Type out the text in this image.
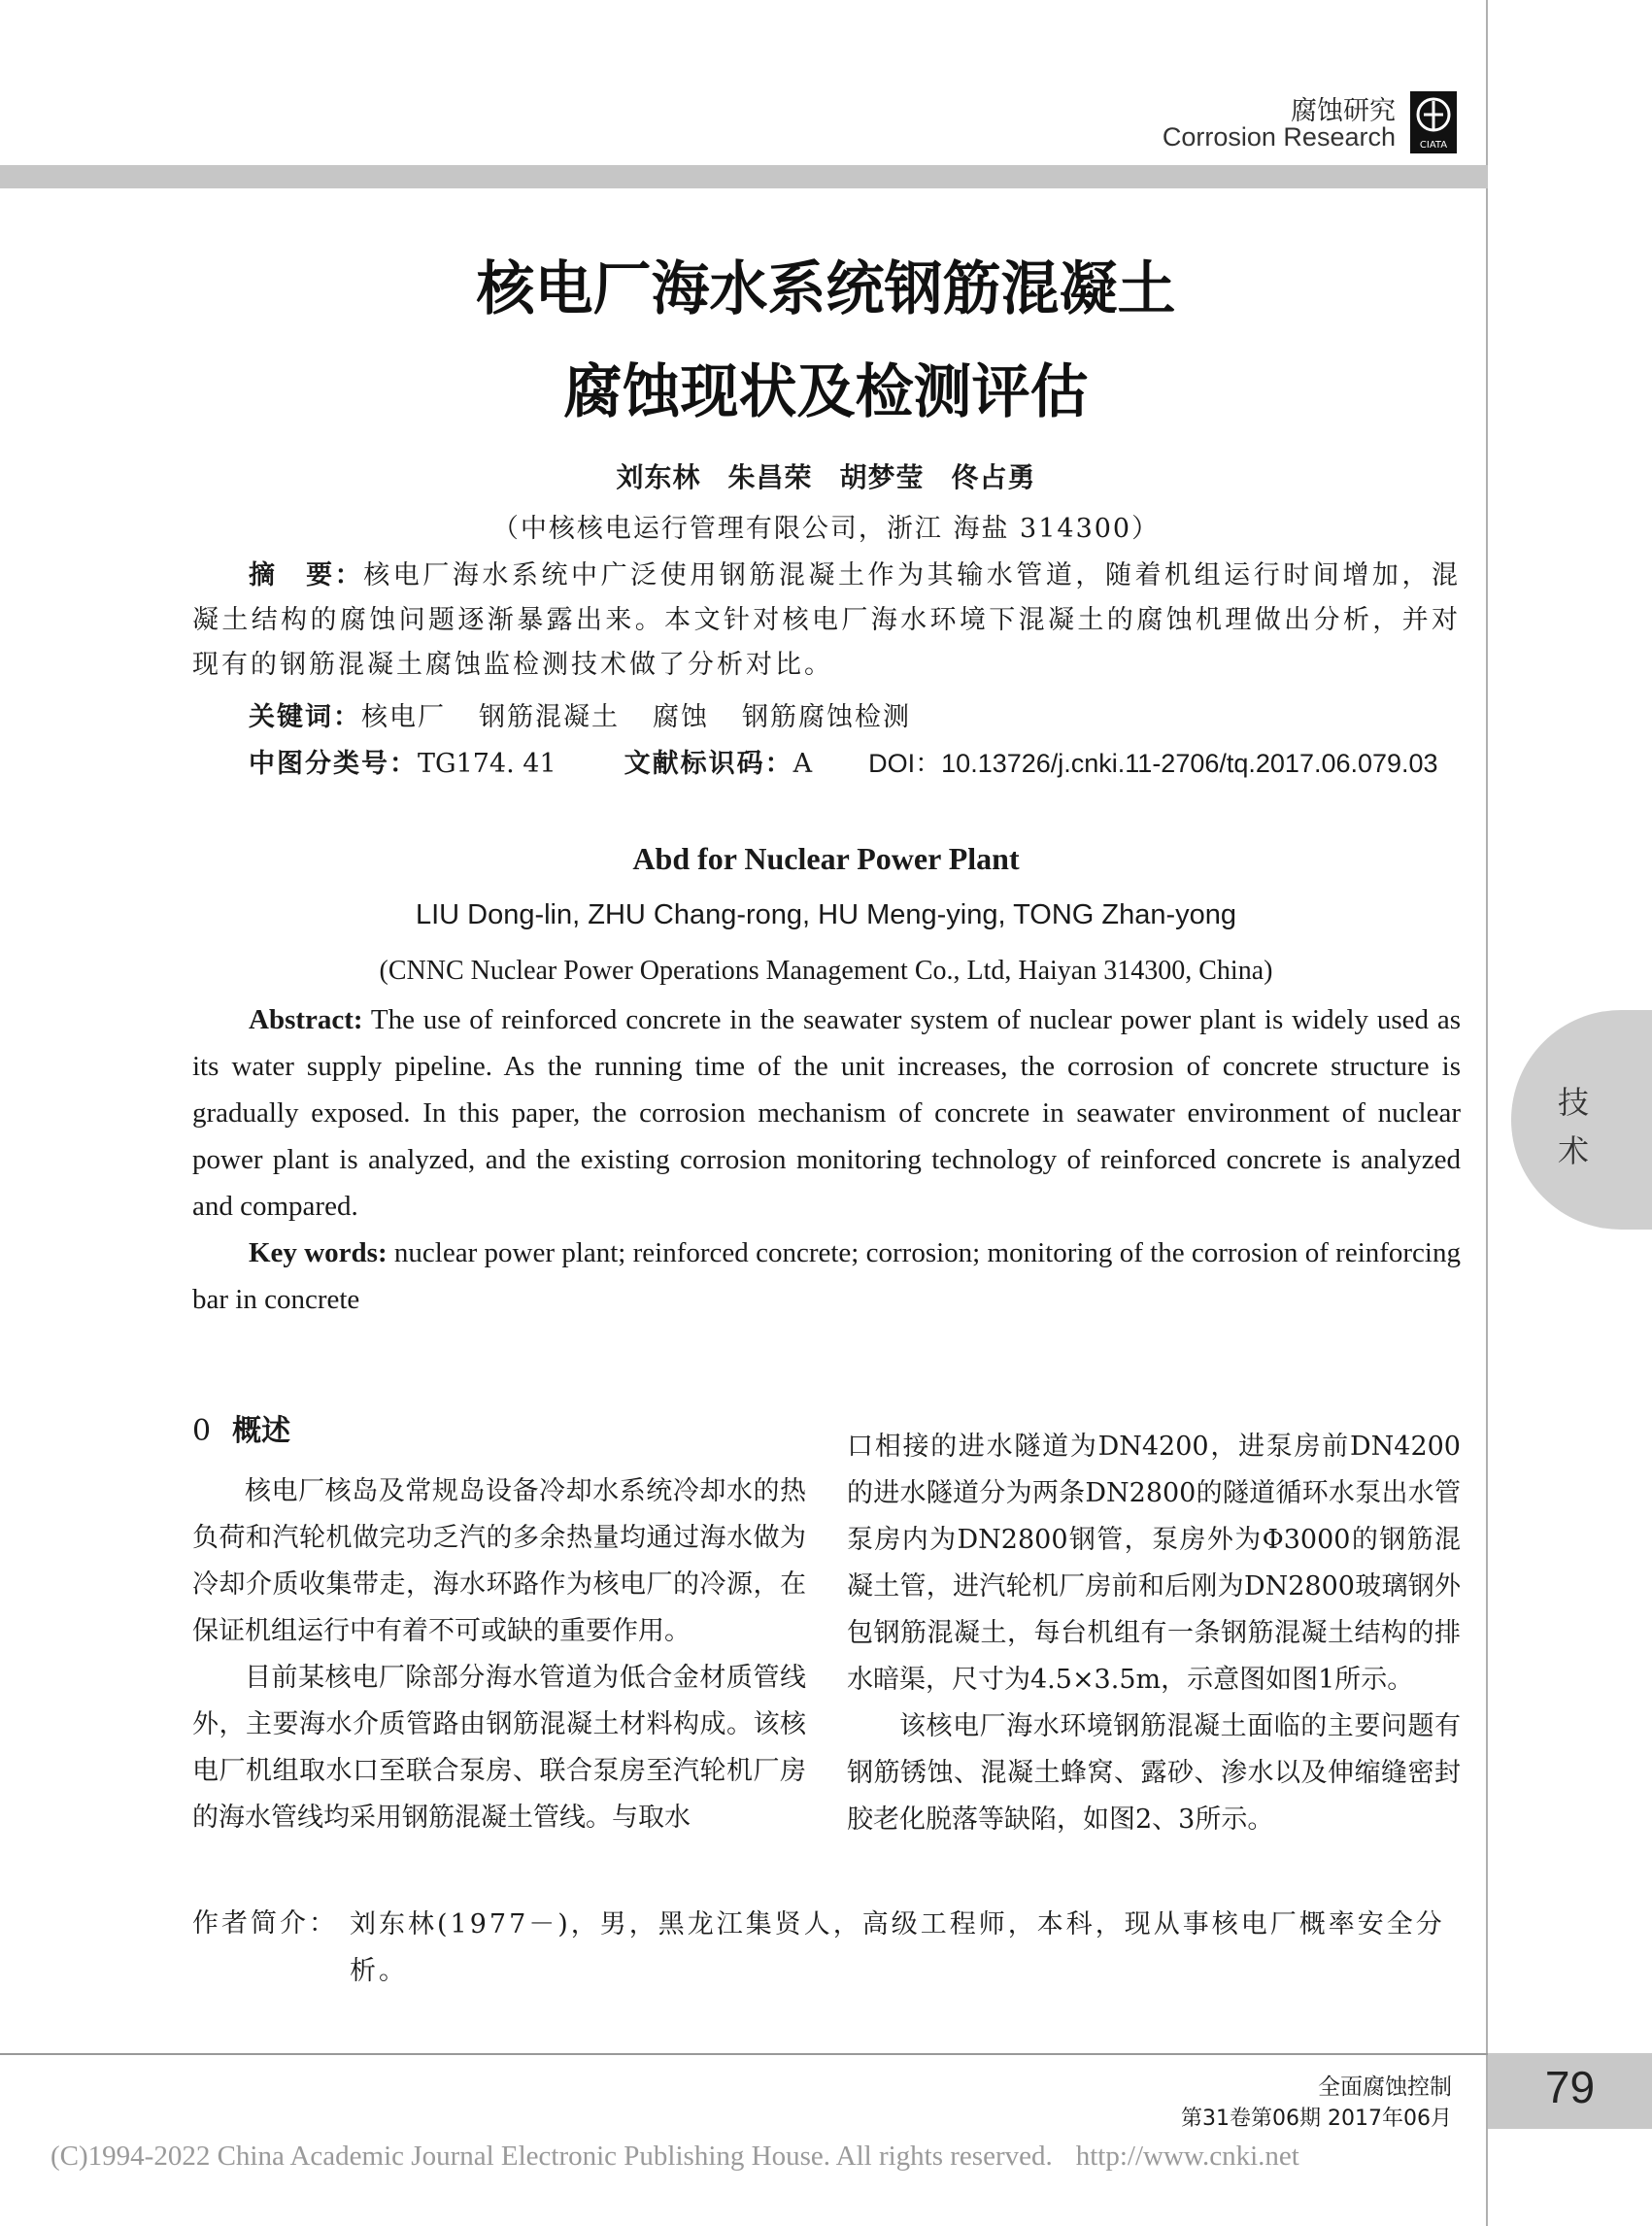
腐蚀研究
Corrosion Research CIATA
核电厂海水系统钢筋混凝土
腐蚀现状及检测评估
刘东林 朱昌荣 胡梦莹 佟占勇
（中核核电运行管理有限公司，浙江 海盐 314300）
摘　要：核电厂海水系统中广泛使用钢筋混凝土作为其输水管道，随着机组运行时间增加，混凝土结构的腐蚀问题逐渐暴露出来。本文针对核电厂海水环境下混凝土的腐蚀机理做出分析，并对现有的钢筋混凝土腐蚀监检测技术做了分析对比。
关键词：核电厂 钢筋混凝土 腐蚀 钢筋腐蚀检测
中图分类号：TG174. 41	文献标识码：A DOI：10.13726/j.cnki.11-2706/tq.2017.06.079.03
Abd for Nuclear Power Plant
LIU Dong-lin, ZHU Chang-rong, HU Meng-ying, TONG Zhan-yong
(CNNC Nuclear Power Operations Management Co., Ltd, Haiyan 314300, China)
Abstract: The use of reinforced concrete in the seawater system of nuclear power plant is widely used as its water supply pipeline. As the running time of the unit increases, the corrosion of concrete structure is gradually exposed. In this paper, the corrosion mechanism of concrete in seawater environment of nuclear power plant is analyzed, and the existing corrosion monitoring technology of reinforced concrete is analyzed and compared.
Key words: nuclear power plant; reinforced concrete; corrosion; monitoring of the corrosion of reinforcing bar in concrete
技
术
0 概述

核电厂核岛及常规岛设备冷却水系统冷却水的热负荷和汽轮机做完功乏汽的多余热量均通过海水做为冷却介质收集带走，海水环路作为核电厂的冷源，在保证机组运行中有着不可或缺的重要作用。

目前某核电厂除部分海水管道为低合金材质管线外，主要海水介质管路由钢筋混凝土材料构成。该核电厂机组取水口至联合泵房、联合泵房至汽轮机厂房的海水管线均采用钢筋混凝土管线。与取水

口相接的进水隧道为DN4200，进泵房前DN4200的进水隧道分为两条DN2800的隧道循环水泵出水管泵房内为DN2800钢管，泵房外为Φ3000的钢筋混凝土管，进汽轮机厂房前和后刚为DN2800玻璃钢外包钢筋混凝土，每台机组有一条钢筋混凝土结构的排水暗渠，尺寸为4.5×3.5m，示意图如图1所示。

该核电厂海水环境钢筋混凝土面临的主要问题有钢筋锈蚀、混凝土蜂窝、露砂、渗水以及伸缩缝密封胶老化脱落等缺陷，如图2、3所示。

作者简介： 刘东林(1977－)，男，黑龙江集贤人，高级工程师，本科，现从事核电厂概率安全分析。
全面腐蚀控制
第31卷第06期 2017年06月
79
(C)1994-2022 China Academic Journal Electronic Publishing House. All rights reserved. http://www.cnki.net
